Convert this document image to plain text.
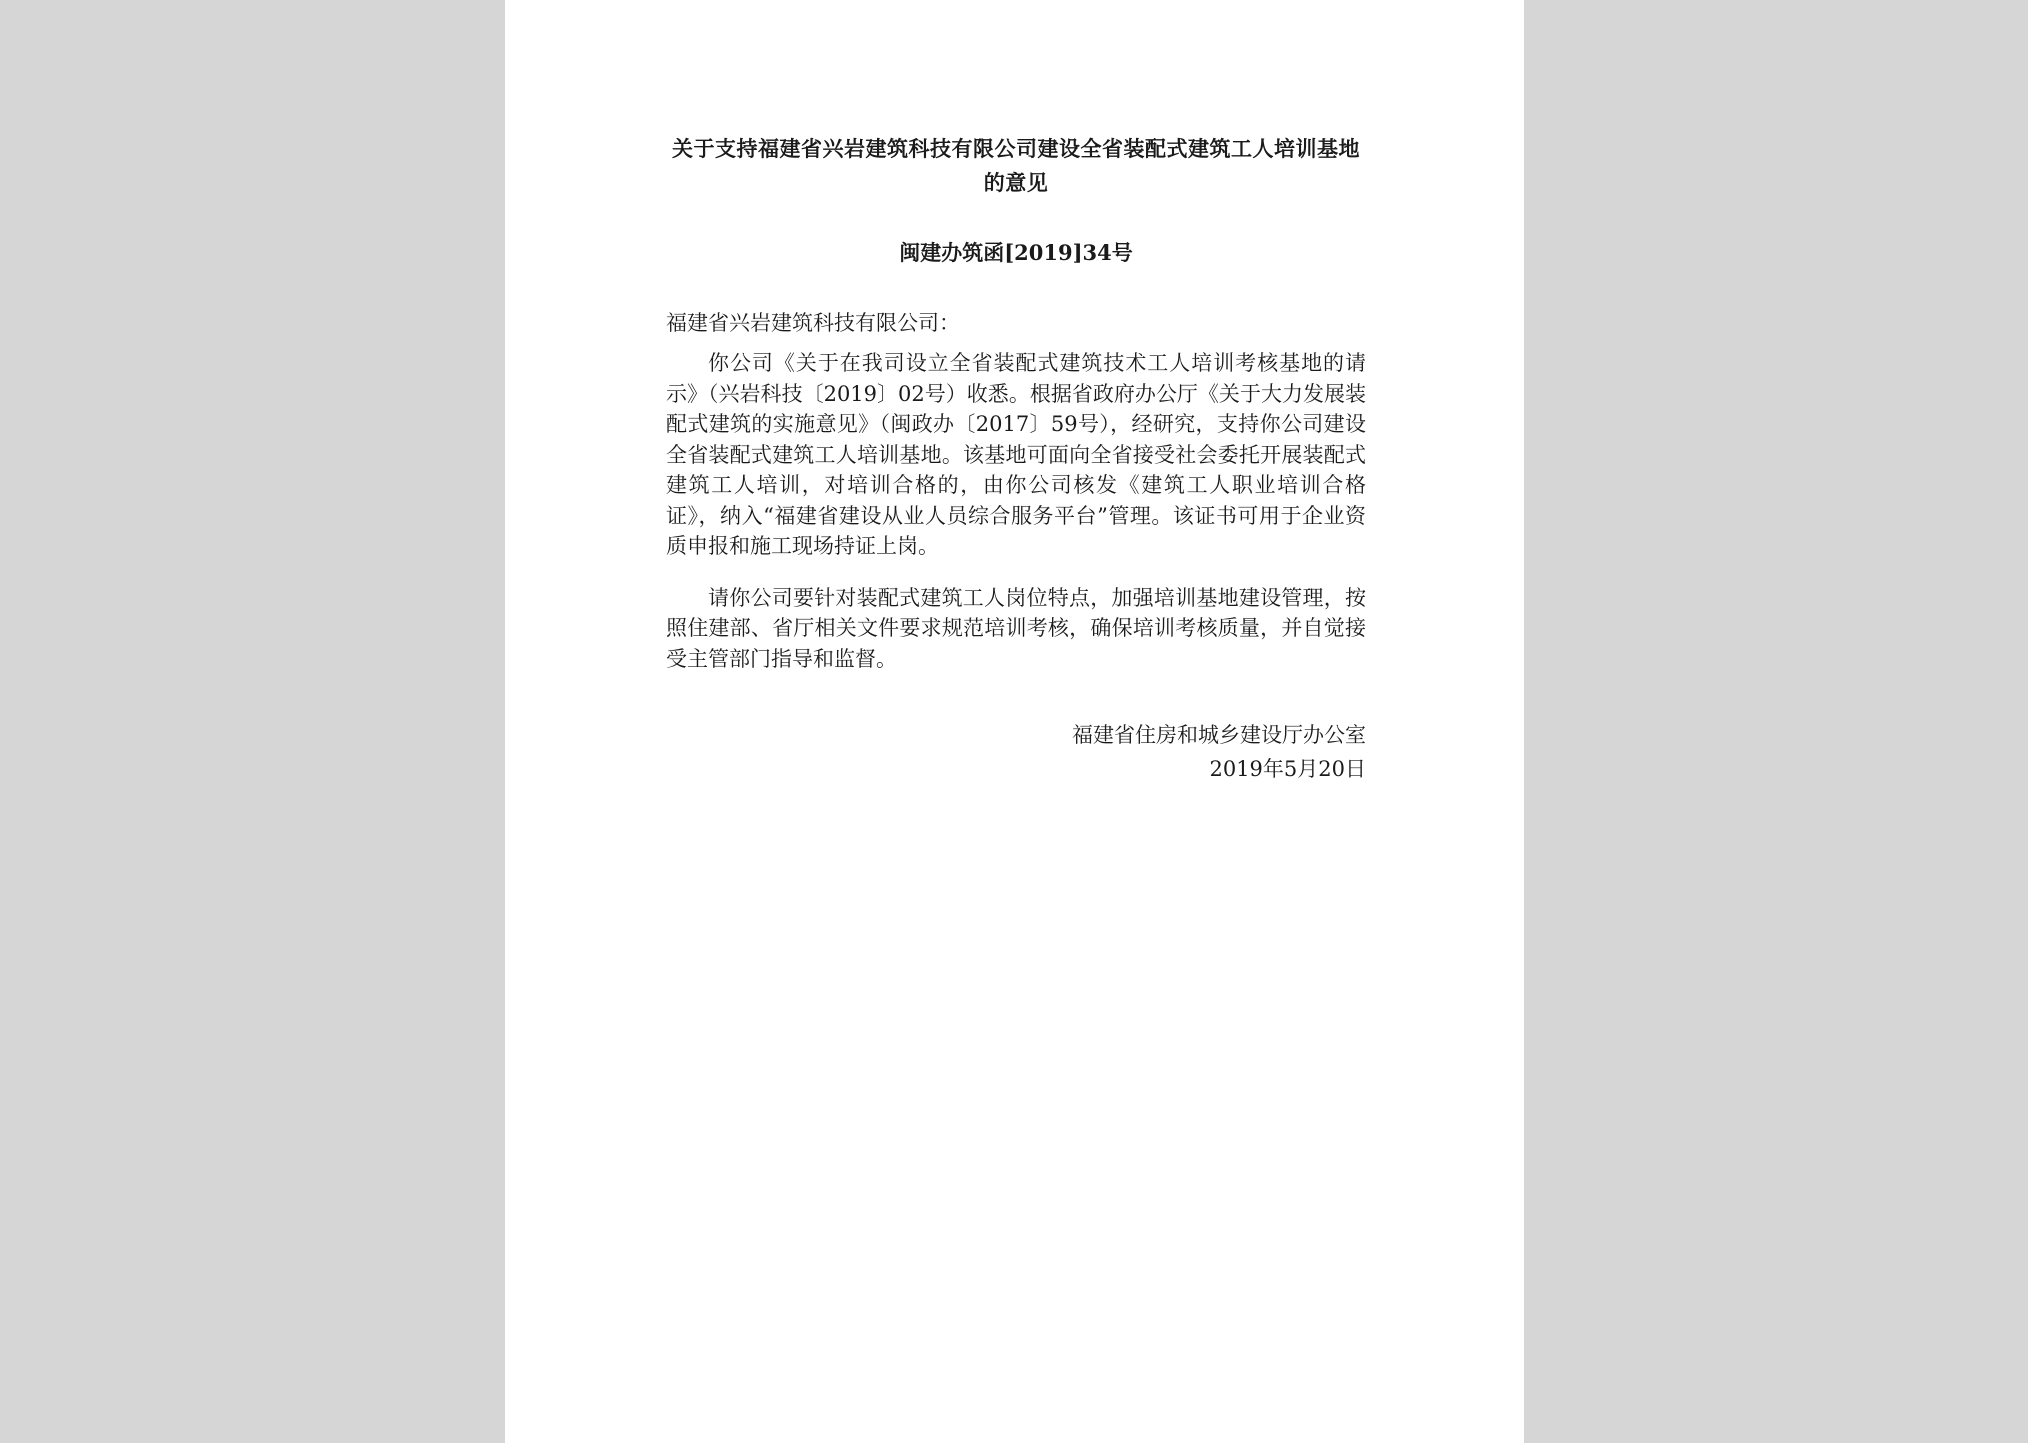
关于支持福建省兴岩建筑科技有限公司建设全省装配式建筑工人培训基地的意见
闽建办筑函[2019]34号
福建省兴岩建筑科技有限公司：

你公司《关于在我司设立全省装配式建筑技术工人培训考核基地的请示》（兴岩科技〔2019〕02号）收悉。根据省政府办公厅《关于大力发展装配式建筑的实施意见》（闽政办〔2017〕59号），经研究，支持你公司建设全省装配式建筑工人培训基地。该基地可面向全省接受社会委托开展装配式建筑工人培训，对培训合格的，由你公司核发《建筑工人职业培训合格证》，纳入“福建省建设从业人员综合服务平台”管理。该证书可用于企业资质申报和施工现场持证上岗。

请你公司要针对装配式建筑工人岗位特点，加强培训基地建设管理，按照住建部、省厅相关文件要求规范培训考核，确保培训考核质量，并自觉接受主管部门指导和监督。

福建省住房和城乡建设厅办公室
2019年5月20日
